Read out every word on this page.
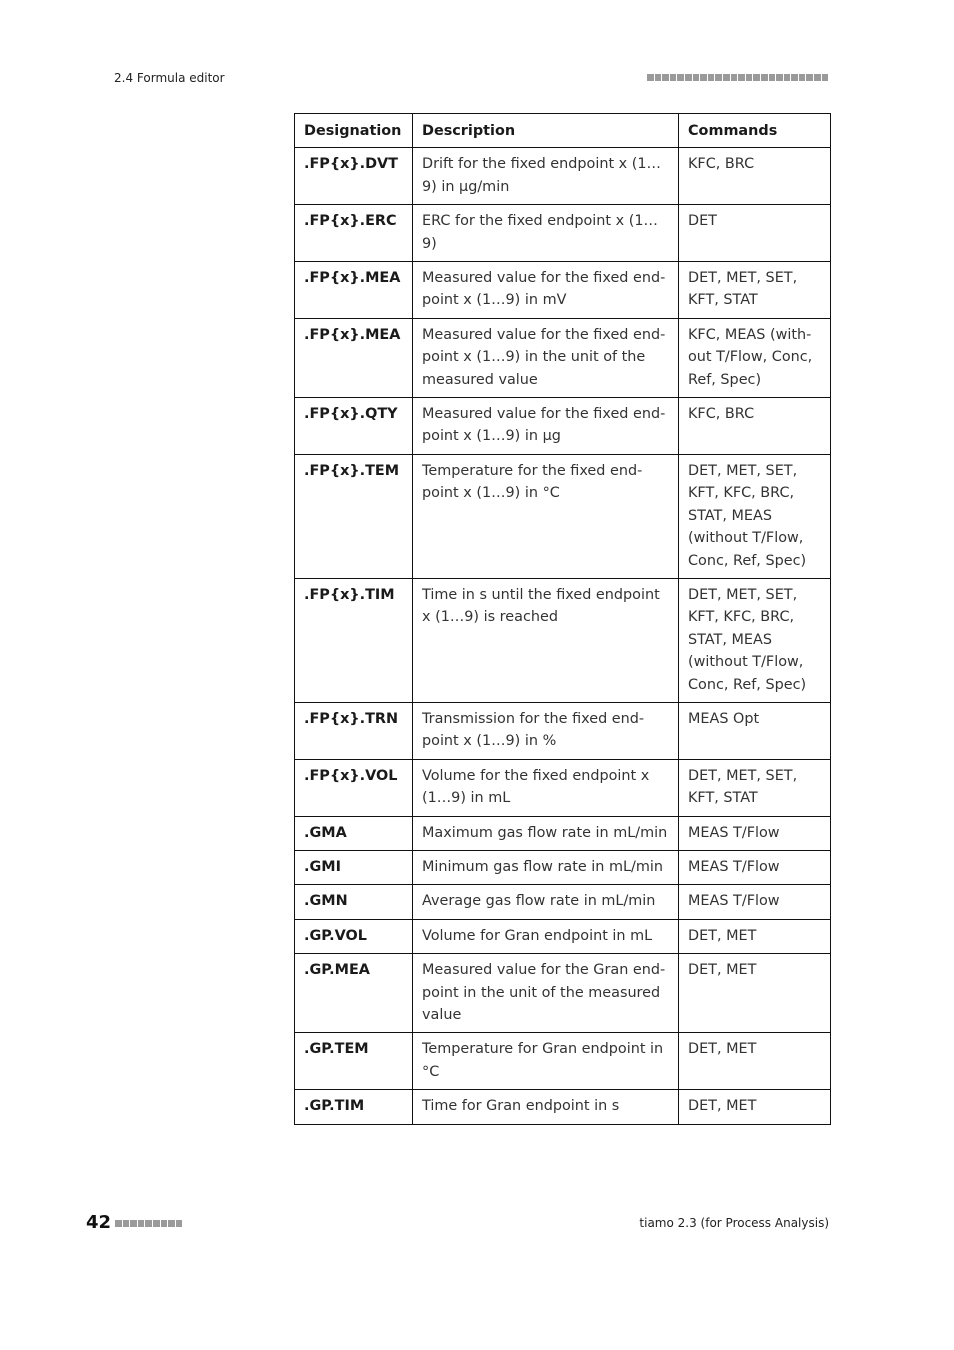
2.4 Formula editor
Designation	Description	Commands
.FP{x}.DVT	Drift for the fixed endpoint x (1…9) in µg/min	KFC, BRC
.FP{x}.ERC	ERC for the fixed endpoint x (1…9)	DET
.FP{x}.MEA	Measured value for the fixed end-point x (1…9) in mV	DET, MET, SET, KFT, STAT
.FP{x}.MEA	Measured value for the fixed end-point x (1…9) in the unit of the measured value	KFC, MEAS (with-out T/Flow, Conc, Ref, Spec)
.FP{x}.QTY	Measured value for the fixed end-point x (1…9) in µg	KFC, BRC
.FP{x}.TEM	Temperature for the fixed end-point x (1…9) in °C	DET, MET, SET, KFT, KFC, BRC, STAT, MEAS (without T/Flow, Conc, Ref, Spec)
.FP{x}.TIM	Time in s until the fixed endpoint x (1…9) is reached	DET, MET, SET, KFT, KFC, BRC, STAT, MEAS (without T/Flow, Conc, Ref, Spec)
.FP{x}.TRN	Transmission for the fixed end-point x (1…9) in %	MEAS Opt
.FP{x}.VOL	Volume for the fixed endpoint x (1…9) in mL	DET, MET, SET, KFT, STAT
.GMA	Maximum gas flow rate in mL/min	MEAS T/Flow
.GMI	Minimum gas flow rate in mL/min	MEAS T/Flow
.GMN	Average gas flow rate in mL/min	MEAS T/Flow
.GP.VOL	Volume for Gran endpoint in mL	DET, MET
.GP.MEA	Measured value for the Gran end-point in the unit of the measured value	DET, MET
.GP.TEM	Temperature for Gran endpoint in °C	DET, MET
.GP.TIM	Time for Gran endpoint in s	DET, MET
42	tiamo 2.3 (for Process Analysis)
